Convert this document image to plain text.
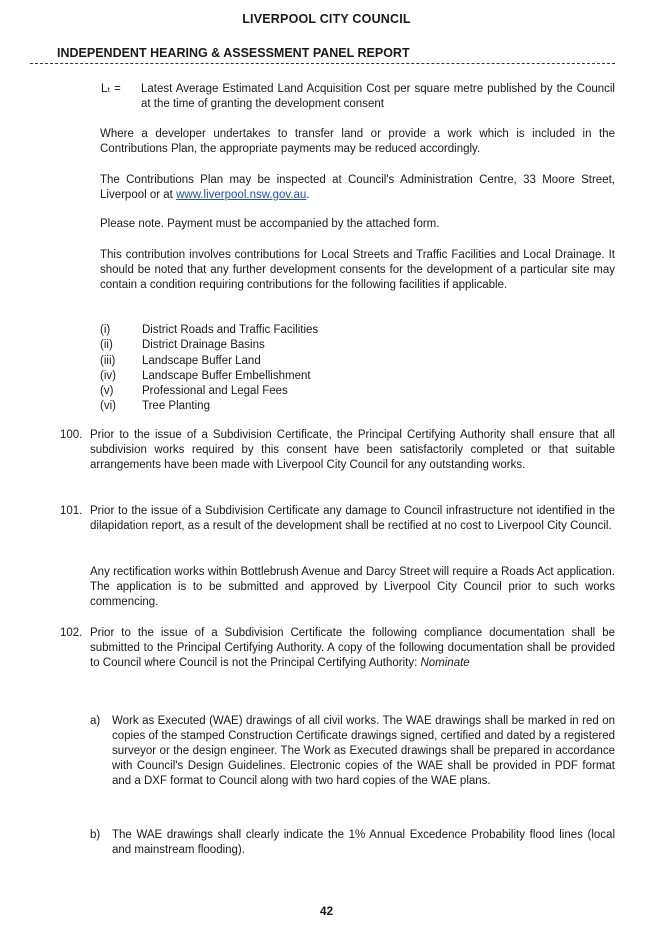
LIVERPOOL CITY COUNCIL
INDEPENDENT HEARING & ASSESSMENT PANEL REPORT
Lₜ = Latest Average Estimated Land Acquisition Cost per square metre published by the Council at the time of granting the development consent
Where a developer undertakes to transfer land or provide a work which is included in the Contributions Plan, the appropriate payments may be reduced accordingly.
The Contributions Plan may be inspected at Council's Administration Centre, 33 Moore Street, Liverpool or at www.liverpool.nsw.gov.au.
Please note. Payment must be accompanied by the attached form.
This contribution involves contributions for Local Streets and Traffic Facilities and Local Drainage. It should be noted that any further development consents for the development of a particular site may contain a condition requiring contributions for the following facilities if applicable.
(i)	District Roads and Traffic Facilities
(ii)	District Drainage Basins
(iii) Landscape Buffer Land
(iv) Landscape Buffer Embellishment
(v) Professional and Legal Fees
(vi) Tree Planting
100. Prior to the issue of a Subdivision Certificate, the Principal Certifying Authority shall ensure that all subdivision works required by this consent have been satisfactorily completed or that suitable arrangements have been made with Liverpool City Council for any outstanding works.
101. Prior to the issue of a Subdivision Certificate any damage to Council infrastructure not identified in the dilapidation report, as a result of the development shall be rectified at no cost to Liverpool City Council.
Any rectification works within Bottlebrush Avenue and Darcy Street will require a Roads Act application. The application is to be submitted and approved by Liverpool City Council prior to such works commencing.
102. Prior to the issue of a Subdivision Certificate the following compliance documentation shall be submitted to the Principal Certifying Authority. A copy of the following documentation shall be provided to Council where Council is not the Principal Certifying Authority: Nominate
a) Work as Executed (WAE) drawings of all civil works. The WAE drawings shall be marked in red on copies of the stamped Construction Certificate drawings signed, certified and dated by a registered surveyor or the design engineer. The Work as Executed drawings shall be prepared in accordance with Council's Design Guidelines. Electronic copies of the WAE shall be provided in PDF format and a DXF format to Council along with two hard copies of the WAE plans.
b) The WAE drawings shall clearly indicate the 1% Annual Excedence Probability flood lines (local and mainstream flooding).
42
